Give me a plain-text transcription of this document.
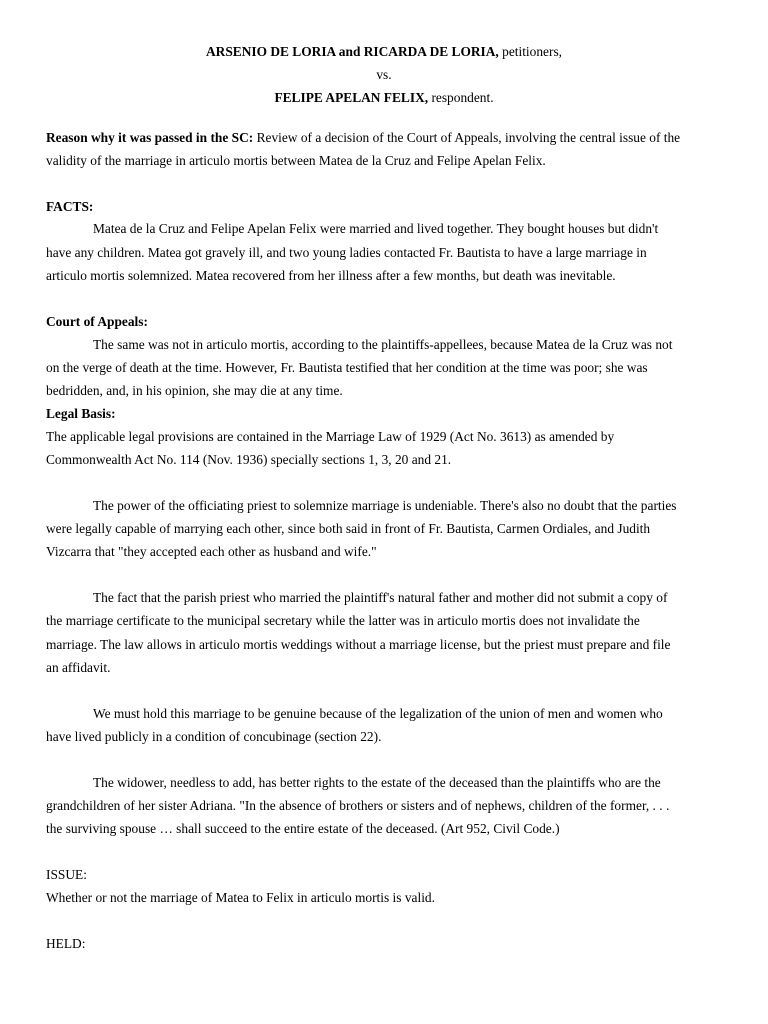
ARSENIO DE LORIA and RICARDA DE LORIA, petitioners,
vs.
FELIPE APELAN FELIX, respondent.
Reason why it was passed in the SC: Review of a decision of the Court of Appeals, involving the central issue of the
validity of the marriage in articulo mortis between Matea de la Cruz and Felipe Apelan Felix.
FACTS:
Matea de la Cruz and Felipe Apelan Felix were married and lived together. They bought houses but didn't
have any children. Matea got gravely ill, and two young ladies contacted Fr. Bautista to have a large marriage in
articulo mortis solemnized. Matea recovered from her illness after a few months, but death was inevitable.
Court of Appeals:
The same was not in articulo mortis, according to the plaintiffs-appellees, because Matea de la Cruz was not
on the verge of death at the time. However, Fr. Bautista testified that her condition at the time was poor; she was
bedridden, and, in his opinion, she may die at any time.
Legal Basis:
The applicable legal provisions are contained in the Marriage Law of 1929 (Act No. 3613) as amended by
Commonwealth Act No. 114 (Nov. 1936) specially sections 1, 3, 20 and 21.
The power of the officiating priest to solemnize marriage is undeniable. There's also no doubt that the parties
were legally capable of marrying each other, since both said in front of Fr. Bautista, Carmen Ordiales, and Judith
Vizcarra that "they accepted each other as husband and wife."
The fact that the parish priest who married the plaintiff's natural father and mother did not submit a copy of
the marriage certificate to the municipal secretary while the latter was in articulo mortis does not invalidate the
marriage. The law allows in articulo mortis weddings without a marriage license, but the priest must prepare and file
an affidavit.
We must hold this marriage to be genuine because of the legalization of the union of men and women who
have lived publicly in a condition of concubinage (section 22).
The widower, needless to add, has better rights to the estate of the deceased than the plaintiffs who are the
grandchildren of her sister Adriana. "In the absence of brothers or sisters and of nephews, children of the former, . . .
the surviving spouse … shall succeed to the entire estate of the deceased. (Art 952, Civil Code.)
ISSUE:
Whether or not the marriage of Matea to Felix in articulo mortis is valid.
HELD:
